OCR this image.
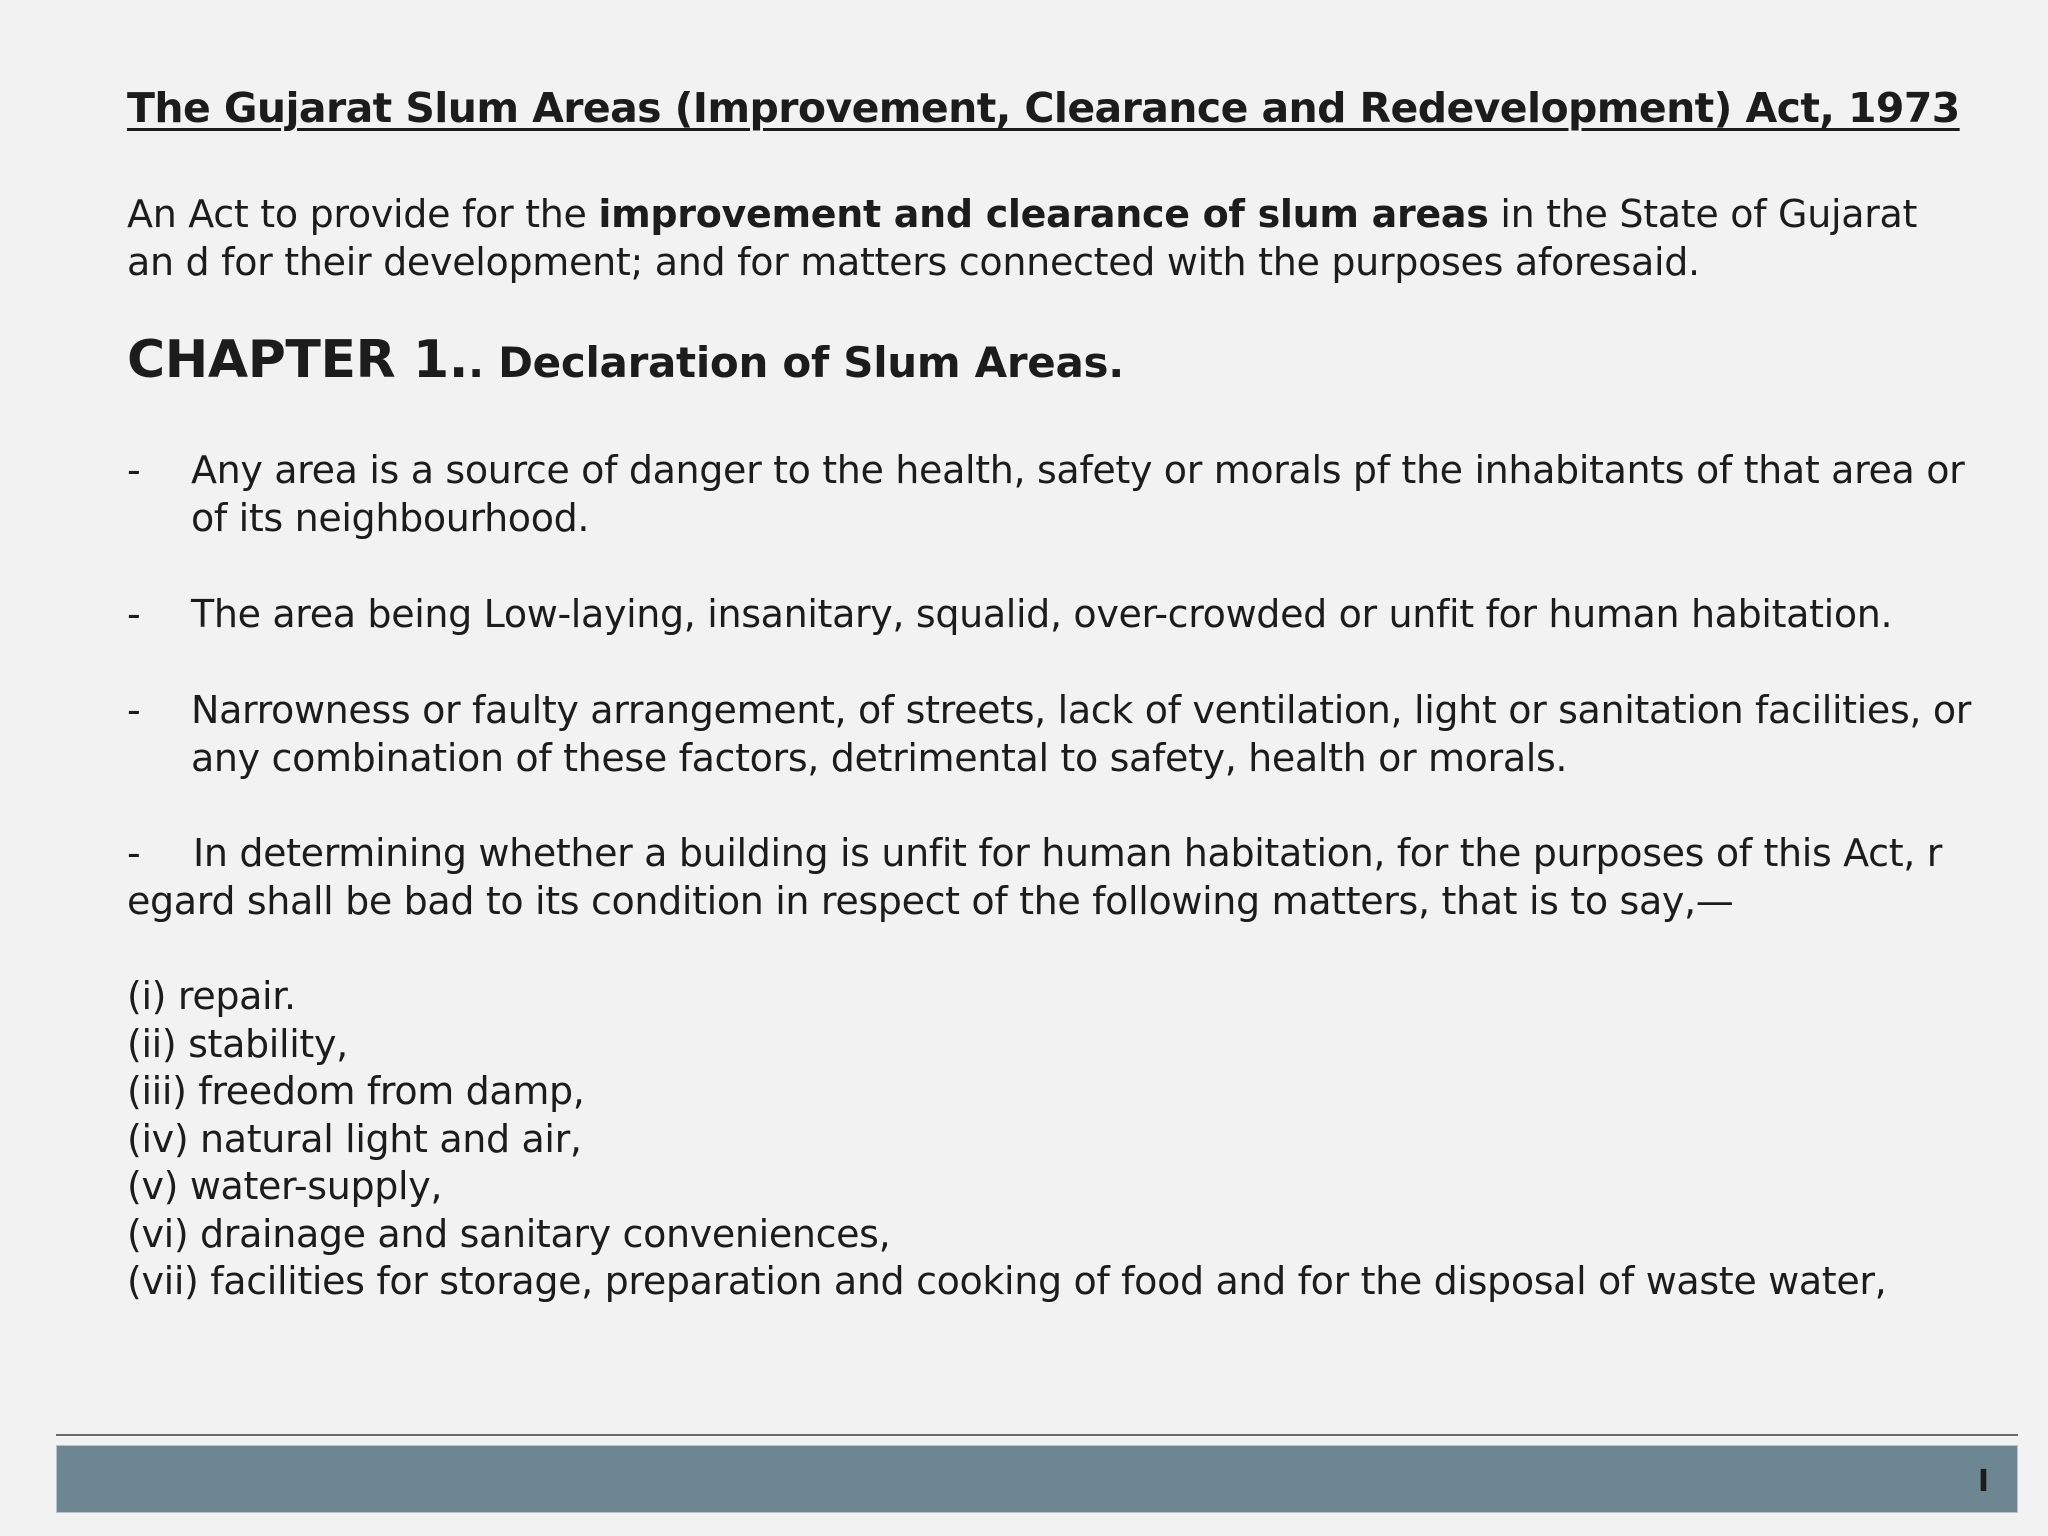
The Gujarat Slum Areas (Improvement, Clearance and Redevelopment) Act, 1973

An Act to provide for the improvement and clearance of slum areas in the State of Gujarat an d for their development; and for matters connected with the purposes aforesaid.

CHAPTER 1.. Declaration of Slum Areas.
- Any area is a source of danger to the health, safety or morals pf the inhabitants of that area or of its neighbourhood.
- The area being Low-laying, insanitary, squalid, over-crowded or unfit for human habitation.
- Narrowness or faulty arrangement, of streets, lack of ventilation, light or sanitation facilities, or any combination of these factors, detrimental to safety, health or morals.

- In determining whether a building is unfit for human habitation, for the purposes of this Act, r egard shall be bad to its condition in respect of the following matters, that is to say,—

(i) repair.
(ii) stability,
(iii) freedom from damp,
(iv) natural light and air,
(v) water-supply,
(vi) drainage and sanitary conveniences,
(vii) facilities for storage, preparation and cooking of food and for the disposal of waste water,
I
